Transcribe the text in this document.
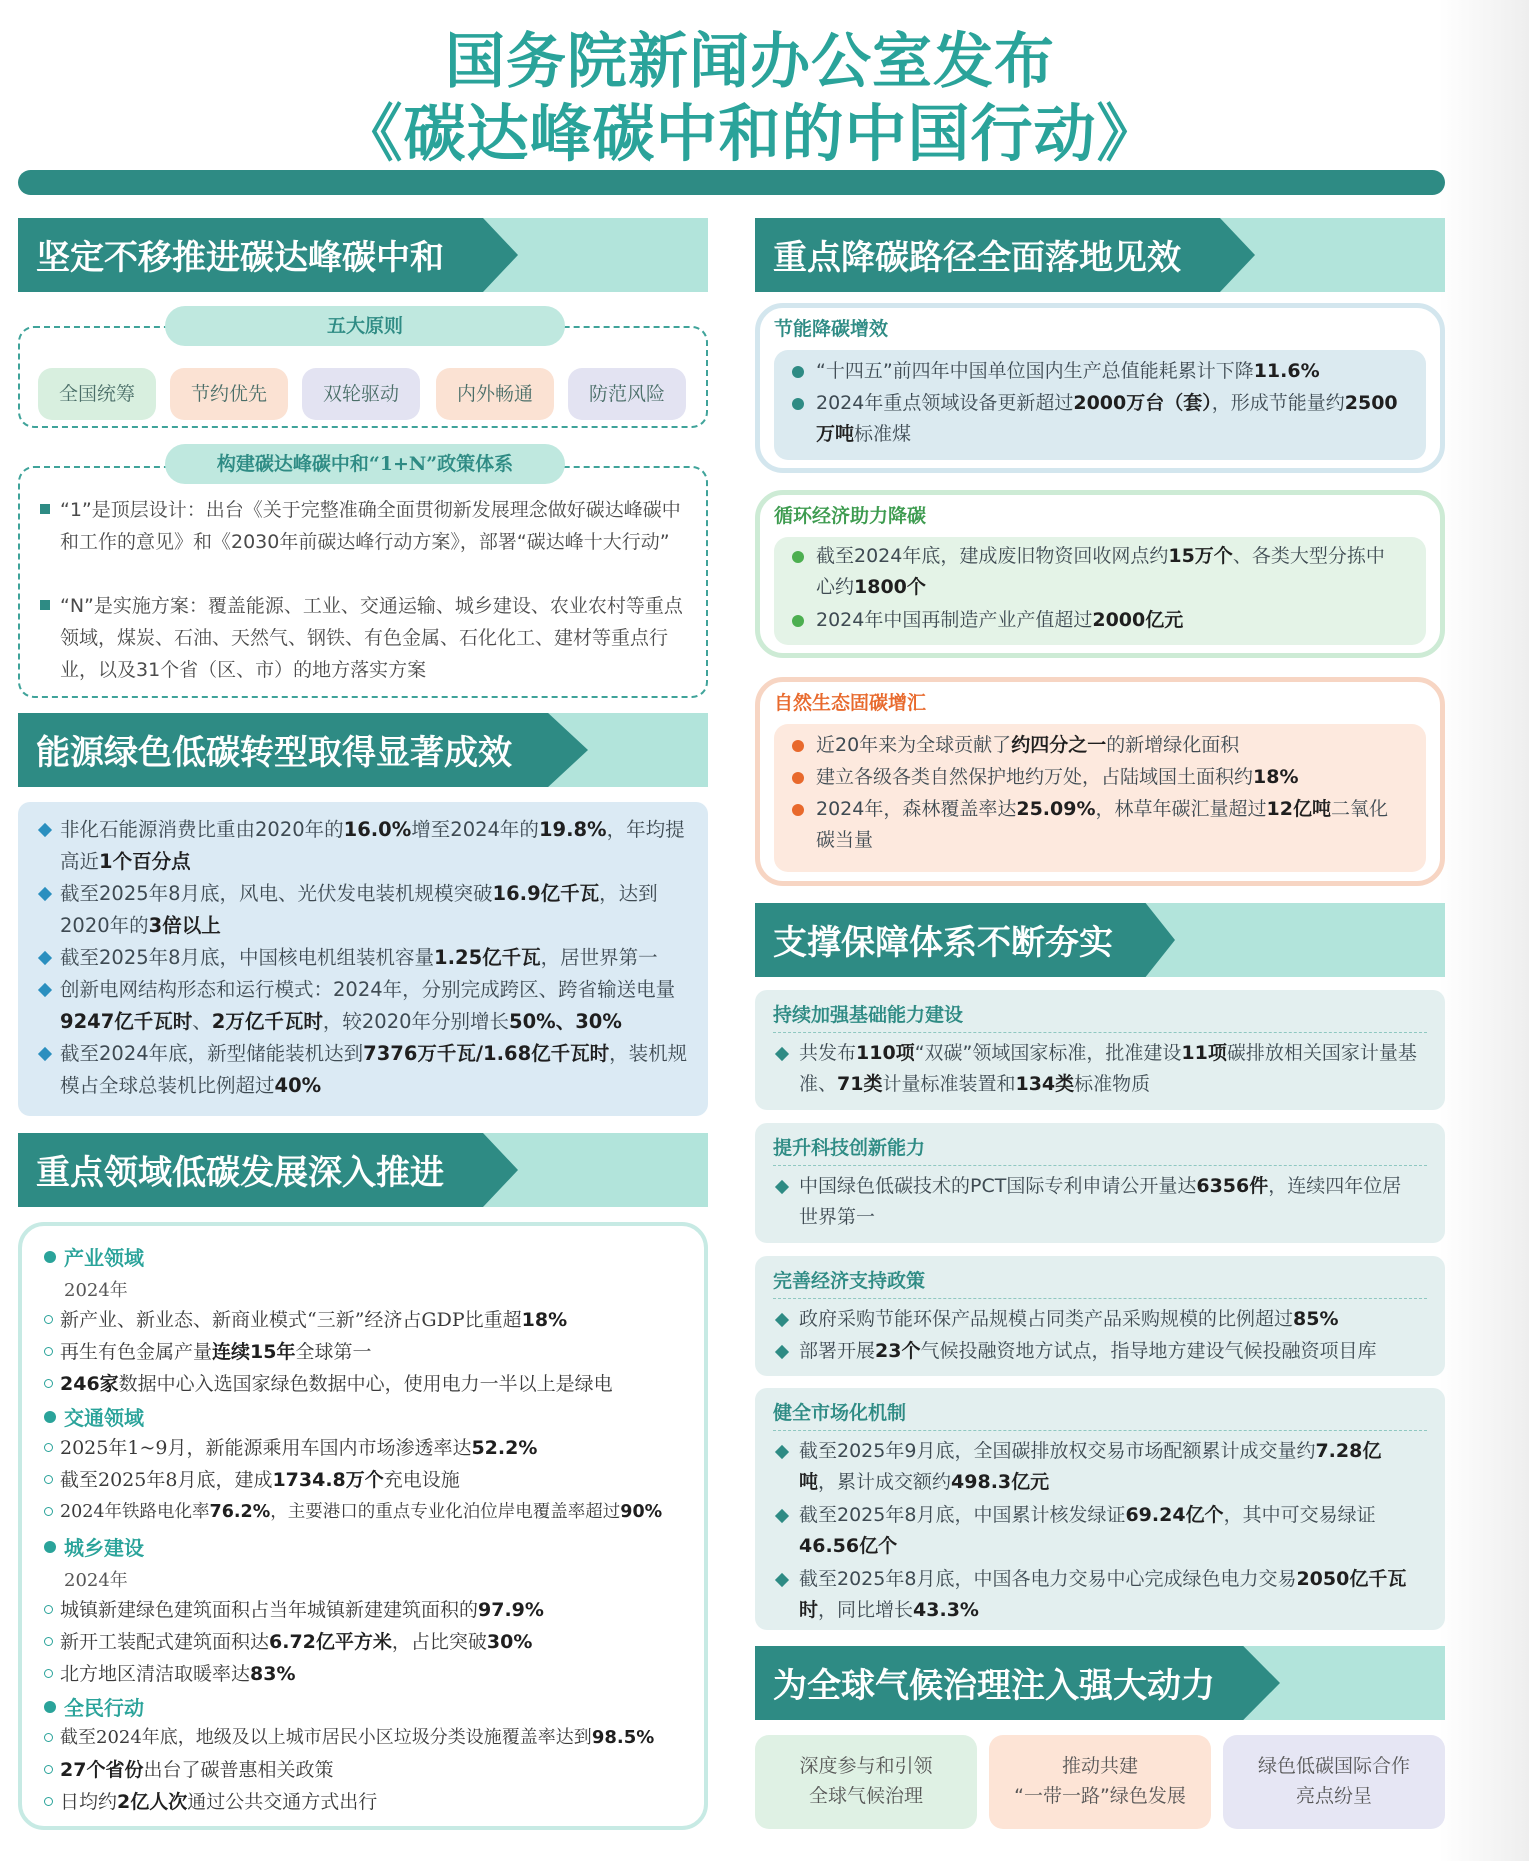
国务院新闻办公室发布
《碳达峰碳中和的中国行动》
坚定不移推进碳达峰碳中和
五大原则
全国统筹	节约优先	双轮驱动	内外畅通	防范风险
构建碳达峰碳中和“1+N”政策体系
“1”是顶层设计：出台《关于完整准确全面贯彻新发展理念做好碳达峰碳中和工作的意见》和《2030年前碳达峰行动方案》，部署“碳达峰十大行动”
“N”是实施方案：覆盖能源、工业、交通运输、城乡建设、农业农村等重点领域，煤炭、石油、天然气、钢铁、有色金属、石化化工、建材等重点行业，以及31个省（区、市）的地方落实方案
能源绿色低碳转型取得显著成效
非化石能源消费比重由2020年的16.0%增至2024年的19.8%，年均提高近1个百分点
截至2025年8月底，风电、光伏发电装机规模突破16.9亿千瓦，达到2020年的3倍以上
截至2025年8月底，中国核电机组装机容量1.25亿千瓦，居世界第一
创新电网结构形态和运行模式：2024年，分别完成跨区、跨省输送电量9247亿千瓦时、2万亿千瓦时，较2020年分别增长50%、30%
截至2024年底，新型储能装机达到7376万千瓦/1.68亿千瓦时，装机规模占全球总装机比例超过40%
重点领域低碳发展深入推进
产业领域
2024年
新产业、新业态、新商业模式“三新”经济占GDP比重超18%
再生有色金属产量连续15年全球第一
246家数据中心入选国家绿色数据中心，使用电力一半以上是绿电
交通领域
2025年1~9月，新能源乘用车国内市场渗透率达52.2%
截至2025年8月底，建成1734.8万个充电设施
2024年铁路电化率76.2%，主要港口的重点专业化泊位岸电覆盖率超过90%
城乡建设
2024年
城镇新建绿色建筑面积占当年城镇新建建筑面积的97.9%
新开工装配式建筑面积达6.72亿平方米，占比突破30%
北方地区清洁取暖率达83%
全民行动
截至2024年底，地级及以上城市居民小区垃圾分类设施覆盖率达到98.5%
27个省份出台了碳普惠相关政策
日均约2亿人次通过公共交通方式出行
重点降碳路径全面落地见效
节能降碳增效
“十四五”前四年中国单位国内生产总值能耗累计下降11.6%
2024年重点领域设备更新超过2000万台（套），形成节能量约2500万吨标准煤
循环经济助力降碳
截至2024年底，建成废旧物资回收网点约15万个、各类大型分拣中心约1800个
2024年中国再制造产业产值超过2000亿元
自然生态固碳增汇
近20年来为全球贡献了约四分之一的新增绿化面积
建立各级各类自然保护地约万处，占陆域国土面积约18%
2024年，森林覆盖率达25.09%，林草年碳汇量超过12亿吨二氧化碳当量
支撑保障体系不断夯实
持续加强基础能力建设
共发布110项“双碳”领域国家标准，批准建设11项碳排放相关国家计量基准、71类计量标准装置和134类标准物质
提升科技创新能力
中国绿色低碳技术的PCT国际专利申请公开量达6356件，连续四年位居世界第一
完善经济支持政策
政府采购节能环保产品规模占同类产品采购规模的比例超过85%
部署开展23个气候投融资地方试点，指导地方建设气候投融资项目库
健全市场化机制
截至2025年9月底，全国碳排放权交易市场配额累计成交量约7.28亿吨，累计成交额约498.3亿元
截至2025年8月底，中国累计核发绿证69.24亿个，其中可交易绿证46.56亿个
截至2025年8月底，中国各电力交易中心完成绿色电力交易2050亿千瓦时，同比增长43.3%
为全球气候治理注入强大动力
深度参与和引领
全球气候治理
推动共建
“一带一路”绿色发展
绿色低碳国际合作
亮点纷呈
